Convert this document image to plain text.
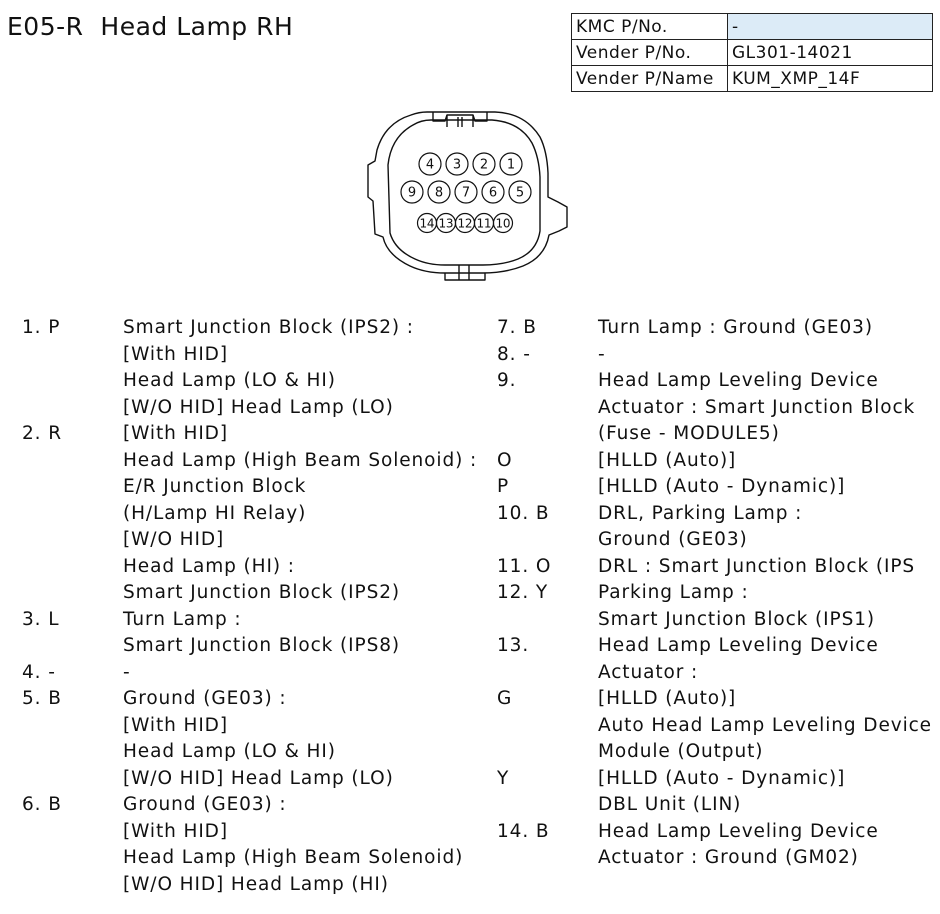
E05-R  Head Lamp RH	KMC P/No.	-
Vender P/No.	GL301-14021
Vender P/Name	KUM_XMP_14F
4 3 2 1
9 8 7 6 5
14 13 12 11 10
1. P	Smart Junction Block (IPS2) :
[With HID]
Head Lamp (LO & HI)
[W/O HID] Head Lamp (LO)
2. R	[With HID]
Head Lamp (High Beam Solenoid) :
E/R Junction Block
(H/Lamp HI Relay)
[W/O HID]
Head Lamp (HI) :
Smart Junction Block (IPS2)
3. L	Turn Lamp :
Smart Junction Block (IPS8)
4. -	-
5. B	Ground (GE03) :
[With HID]
Head Lamp (LO & HI)
[W/O HID] Head Lamp (LO)
6. B	Ground (GE03) :
[With HID]
Head Lamp (High Beam Solenoid)
[W/O HID] Head Lamp (HI)
7. B	Turn Lamp : Ground (GE03)
8. -	-
9.	Head Lamp Leveling Device
Actuator : Smart Junction Block
(Fuse - MODULE5)
O	[HLLD (Auto)]
P	[HLLD (Auto - Dynamic)]
10. B	DRL, Parking Lamp :
Ground (GE03)
11. O	DRL : Smart Junction Block (IPS
12. Y	Parking Lamp :
Smart Junction Block (IPS1)
13.	Head Lamp Leveling Device
Actuator :
G	[HLLD (Auto)]
Auto Head Lamp Leveling Device
Module (Output)
Y	[HLLD (Auto - Dynamic)]
DBL Unit (LIN)
14. B	Head Lamp Leveling Device
Actuator : Ground (GM02)
